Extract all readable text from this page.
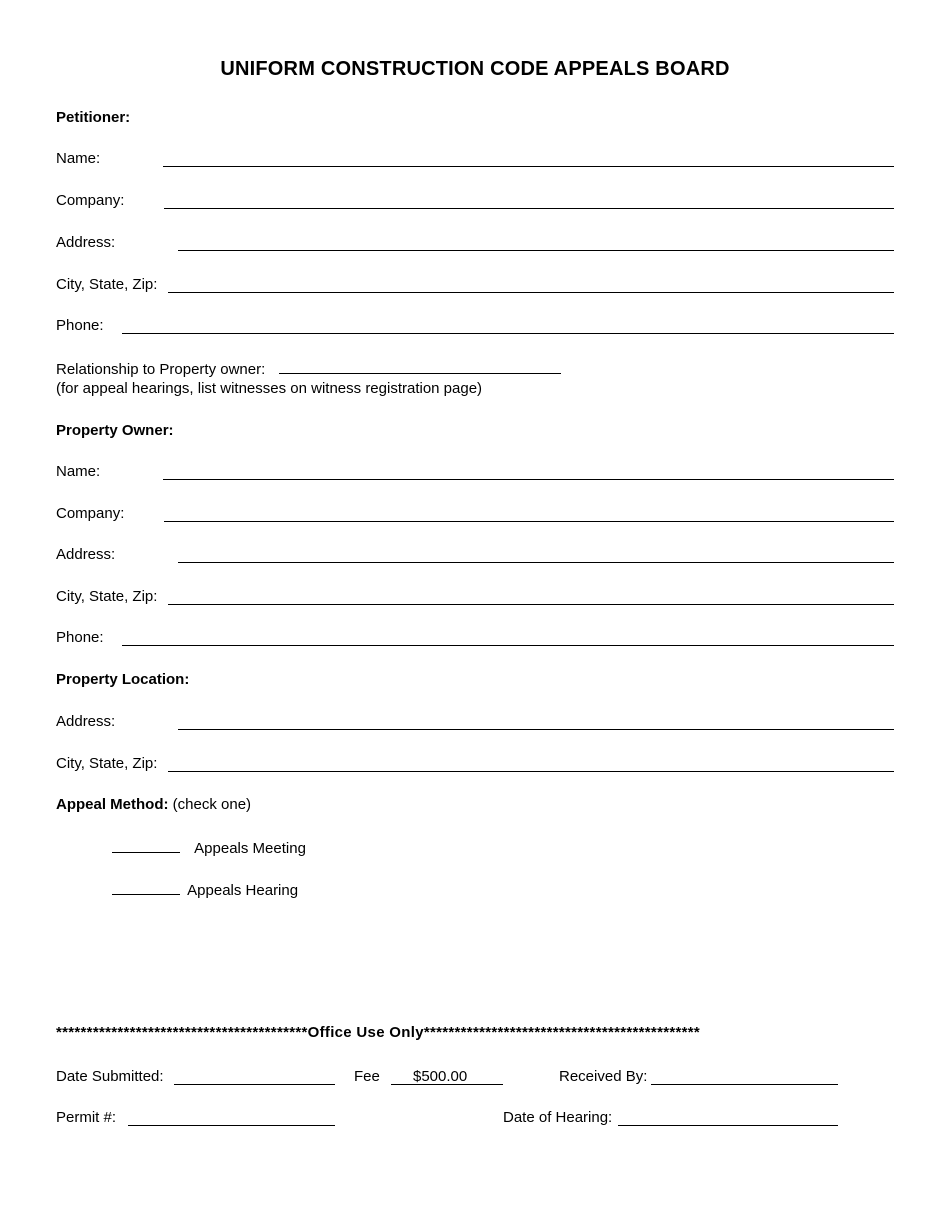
UNIFORM CONSTRUCTION CODE APPEALS BOARD
Petitioner:
Name:
Company:
Address:
City, State, Zip:
Phone:
Relationship to Property owner:
(for appeal hearings, list witnesses on witness registration page)
Property Owner:
Name:
Company:
Address:
City, State, Zip:
Phone:
Property Location:
Address:
City, State, Zip:
Appeal Method: (check one)
Appeals Meeting
Appeals Hearing
*****************************************Office Use Only*********************************************
Date Submitted:	Fee $500.00	Received By:
Permit #:	Date of Hearing:
